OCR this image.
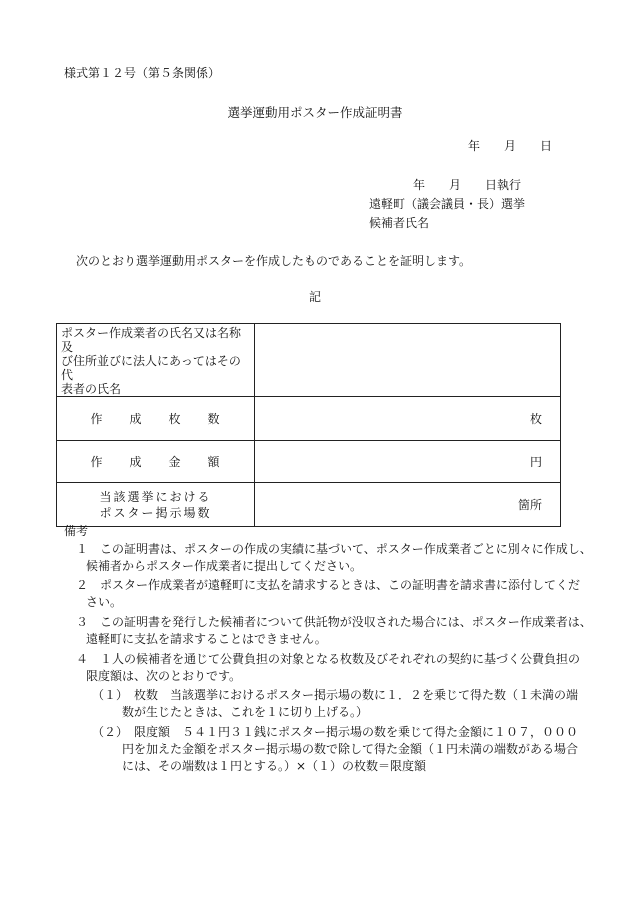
様式第１２号（第５条関係）
選挙運動用ポスター作成証明書
年　　月　　日
年　　月　　日執行
遠軽町（議会議員・長）選挙
候補者氏名
次のとおり選挙運動用ポスターを作成したものであることを証明します。
記
ポスター作成業者の氏名又は名称及
び住所並びに法人にあってはその代
表者の氏名	

作　　成　　枚　　数	枚
作　　成　　金　　額	円

当該選挙における
ポスター掲示場数	箇所
備考
１　この証明書は、ポスターの作成の実績に基づいて、ポスター作成業者ごとに別々に作成し、
候補者からポスター作成業者に提出してください。
２　ポスター作成業者が遠軽町に支払を請求するときは、この証明書を請求書に添付してくだ
さい。
３　この証明書を発行した候補者について供託物が没収された場合には、ポスター作成業者は、
遠軽町に支払を請求することはできません。
４　１人の候補者を通じて公費負担の対象となる枚数及びそれぞれの契約に基づく公費負担の
限度額は、次のとおりです。
（１）　枚数　当該選挙におけるポスター掲示場の数に１．２を乗じて得た数（１未満の端
数が生じたときは、これを１に切り上げる。）
（２）　限度額　５４１円３１銭にポスター掲示場の数を乗じて得た金額に１０７，０００
円を加えた金額をポスター掲示場の数で除して得た金額（１円未満の端数がある場合
には、その端数は１円とする。）×（１）の枚数＝限度額
